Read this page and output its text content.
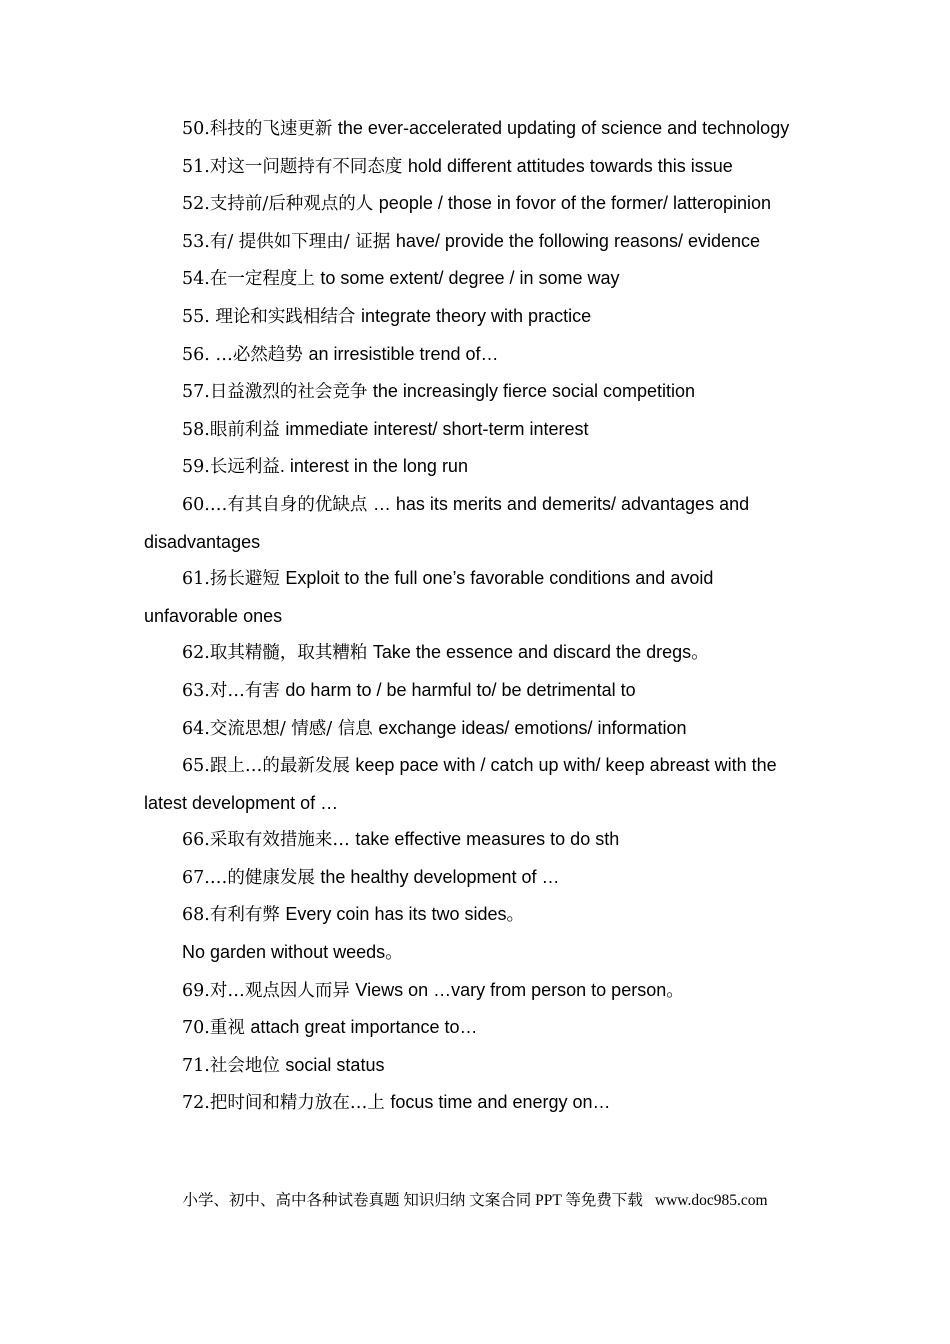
50.科技的飞速更新 the ever-accelerated updating of science and technology

51.对这一问题持有不同态度 hold different attitudes towards this issue

52.支持前/后种观点的人 people / those in fovor of the former/ latteropinion

53.有/ 提供如下理由/ 证据 have/ provide the following reasons/ evidence

54.在一定程度上 to some extent/ degree / in some way

55. 理论和实践相结合 integrate theory with practice

56. …必然趋势 an irresistible trend of…

57.日益激烈的社会竞争 the increasingly fierce social competition

58.眼前利益 immediate interest/ short-term interest

59.长远利益. interest in the long run

60.…有其自身的优缺点 … has its merits and demerits/ advantages and disadvantages

61.扬长避短 Exploit to the full one’s favorable conditions and avoid unfavorable ones

62.取其精髓，取其糟粕 Take the essence and discard the dregs。

63.对…有害 do harm to / be harmful to/ be detrimental to

64.交流思想/ 情感/ 信息 exchange ideas/ emotions/ information

65.跟上…的最新发展 keep pace with / catch up with/ keep abreast with the latest development of …

66.采取有效措施来… take effective measures to do sth

67.…的健康发展 the healthy development of …

68.有利有弊 Every coin has its two sides。

No garden without weeds。

69.对…观点因人而异 Views on …vary from person to person。

70.重视 attach great importance to…

71.社会地位 social status

72.把时间和精力放在…上 focus time and energy on…

小学、初中、高中各种试卷真题 知识归纳 文案合同 PPT 等免费下载 www.doc985.com
